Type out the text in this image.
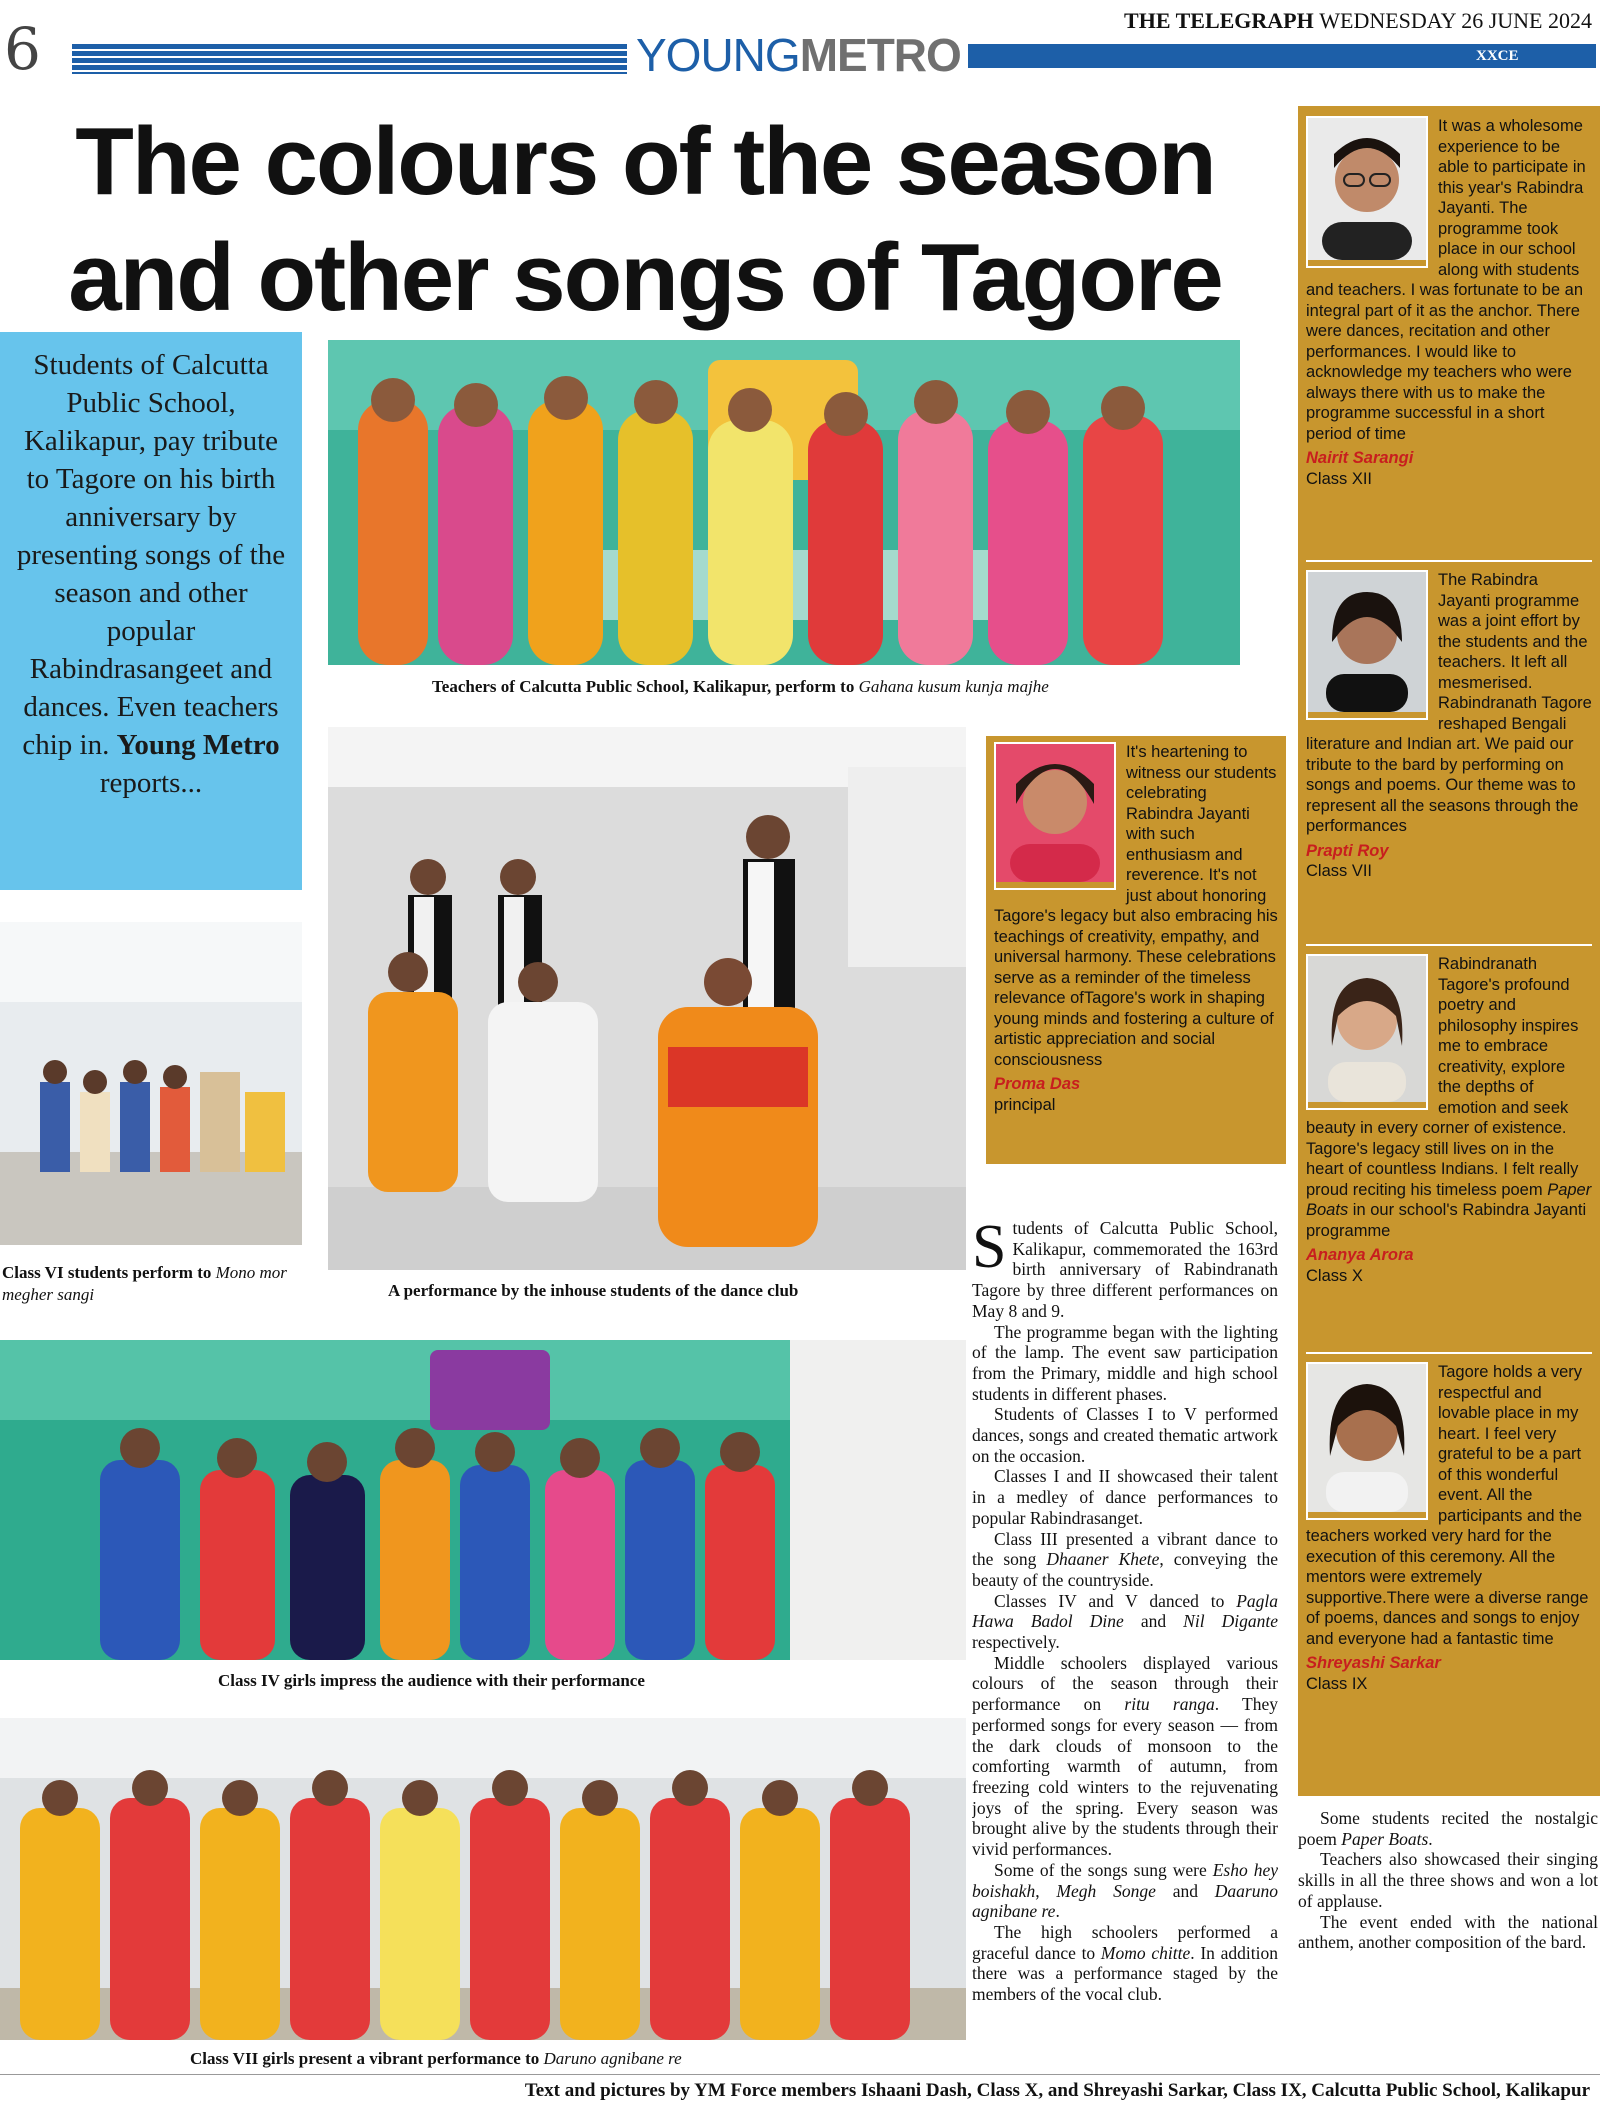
6	YOUNGMETRO
THE TELEGRAPH WEDNESDAY 26 JUNE 2024
XXCE
The colours of the season and other songs of Tagore
Students of Calcutta Public School, Kalikapur, pay tribute to Tagore on his birth anniversary by presenting songs of the season and other popular Rabindrasangeet and dances. Even teachers chip in. Young Metro reports...
Teachers of Calcutta Public School, Kalikapur, perform to Gahana kusum kunja majhe
A performance by the inhouse students of the dance club
Class VI students perform to Mono mor megher sangi
Class IV girls impress the audience with their performance
Class VII girls present a vibrant performance to Daruno agnibane re

Students of Calcutta Public School, Kalikapur, commemorated the 163rd birth anniversary of Rabindranath Tagore by three different performances on May 8 and 9.

The programme began with the lighting of the lamp. The event saw participation from the Primary, middle and high school students in different phases.

Students of Classes I to V performed dances, songs and created thematic artwork on the occasion.

Classes I and II showcased their talent in a medley of dance performances to popular Rabindrasanget.

Class III presented a vibrant dance to the song Dhaaner Khete, conveying the beauty of the countryside.

Classes IV and V danced to Pagla Hawa Badol Dine and Nil Digante respectively.

Middle schoolers displayed various colours of the season through their performance on ritu ranga. They performed songs for every season — from the dark clouds of monsoon to the comforting warmth of autumn, from freezing cold winters to the rejuvenating joys of the spring. Every season was brought alive by the students through their vivid performances.

Some of the songs sung were Esho hey boishakh, Megh Songe and Daaruno agnibane re.

The high schoolers performed a graceful dance to Momo chitte. In addition there was a performance staged by the members of the vocal club.

Some students recited the nostalgic poem Paper Boats.

Teachers also showcased their singing skills in all the three shows and won a lot of applause.

The event ended with the national anthem, another composition of the bard.

It's heartening to witness our students celebrating Rabindra Jayanti with such enthusiasm and reverence. It's not just about honoring Tagore's legacy but also embracing his teachings of creativity, empathy, and universal harmony. These celebrations serve as a reminder of the timeless relevance ofTagore's work in shaping young minds and fostering a culture of artistic appreciation and social consciousness
Proma Das
principal
It was a wholesome experience to be able to participate in this year's Rabindra Jayanti. The programme took place in our school along with students and teachers. I was fortunate to be an integral part of it as the anchor. There were dances, recitation and other performances. I would like to acknowledge my teachers who were always there with us to make the programme successful in a short period of time
Nairit Sarangi
Class XII
The Rabindra Jayanti programme was a joint effort by the students and the teachers. It left all mesmerised. Rabindranath Tagore reshaped Bengali literature and Indian art. We paid our tribute to the bard by performing on songs and poems. Our theme was to represent all the seasons through the performances
Prapti Roy
Class VII
Rabindranath Tagore's profound poetry and philosophy inspires me to embrace creativity, explore the depths of emotion and seek beauty in every corner of existence. Tagore's legacy still lives on in the heart of countless Indians. I felt really proud reciting his timeless poem Paper Boats in our school's Rabindra Jayanti programme
Ananya Arora
Class X
Tagore holds a very respectful and lovable place in my heart. I feel very grateful to be a part of this wonderful event. All the participants and the teachers worked very hard for the execution of this ceremony. All the mentors were extremely supportive.There were a diverse range of poems, dances and songs to enjoy and everyone had a fantastic time
Shreyashi Sarkar
Class IX
Text and pictures by YM Force members Ishaani Dash, Class X, and Shreyashi Sarkar, Class IX, Calcutta Public School, Kalikapur
